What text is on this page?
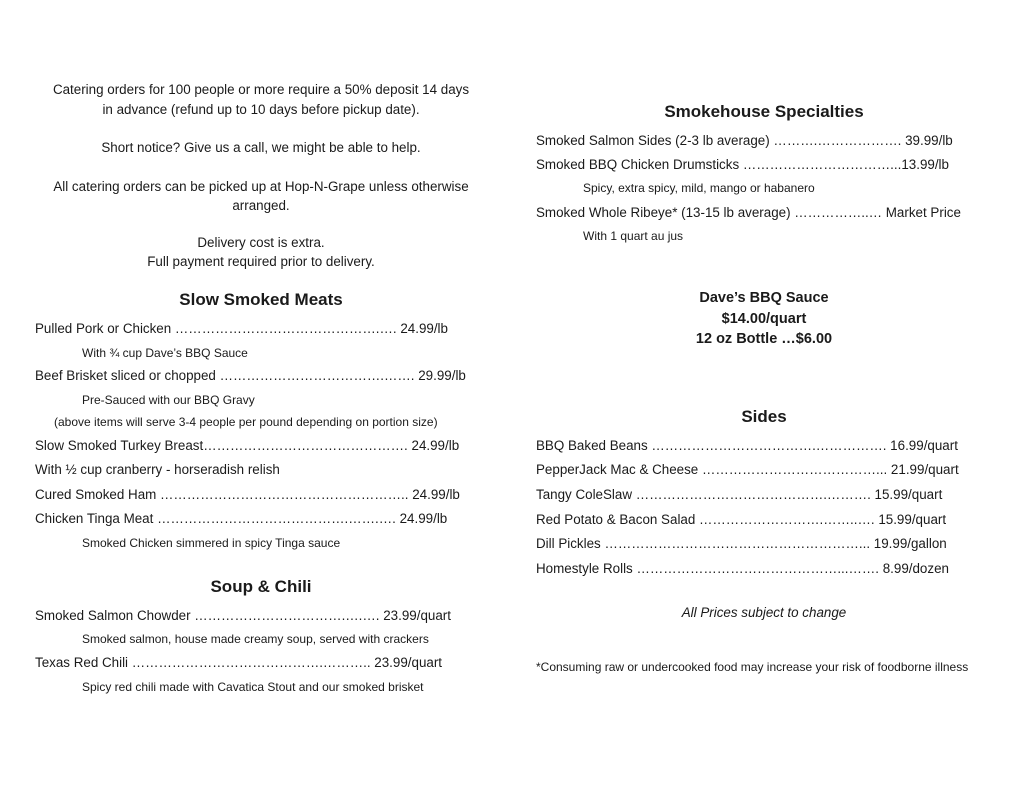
Catering orders for 100 people or more require a 50% deposit 14 days
in advance (refund up to 10 days before pickup date).

Short notice? Give us a call, we might be able to help.

All catering orders can be picked up at Hop-N-Grape unless otherwise
arranged.

Delivery cost is extra.
Full payment required prior to delivery.

Slow Smoked Meats

Pulled Pork or Chicken ……………………………………….…. 24.99/lb

With ¾ cup Dave’s BBQ Sauce

Beef Brisket sliced or chopped ……………………………….……. 29.99/lb

Pre-Sauced with our BBQ Gravy

(above items will serve 3-4 people per pound depending on portion size)

Slow Smoked Turkey Breast………………………………………. 24.99/lb

With ½ cup cranberry - horseradish relish

Cured Smoked Ham ……………………………………………….. 24.99/lb

Chicken Tinga Meat …………………………………….…….…. 24.99/lb

Smoked Chicken simmered in spicy Tinga sauce

Soup & Chili

Smoked Salmon Chowder …………………………….….…. 23.99/quart

Smoked salmon, house made creamy soup, served with crackers

Texas Red Chili …………………………………….……….. 23.99/quart

Spicy red chili made with Cavatica Stout and our smoked brisket

Smokehouse Specialties

Smoked Salmon Sides (2-3 lb average) ……….………………. 39.99/lb

Smoked BBQ Chicken Drumsticks ……………………………...13.99/lb

Spicy, extra spicy, mild, mango or habanero

Smoked Whole Ribeye* (13-15 lb average) ……………..… Market Price

With 1 quart au jus

Dave’s BBQ Sauce
$14.00/quart
12 oz Bottle …$6.00

Sides

BBQ Baked Beans ……………………………….……………. 16.99/quart

PepperJack Mac & Cheese …………………………………... 21.99/quart

Tangy ColeSlaw …………………………………….………. 15.99/quart

Red Potato & Bacon Salad ……………………….……..…. 15.99/quart

Dill Pickles …………………………………………………... 19.99/gallon

Homestyle Rolls ………………………………………...……. 8.99/dozen

All Prices subject to change

*Consuming raw or undercooked food may increase your risk of foodborne illness
